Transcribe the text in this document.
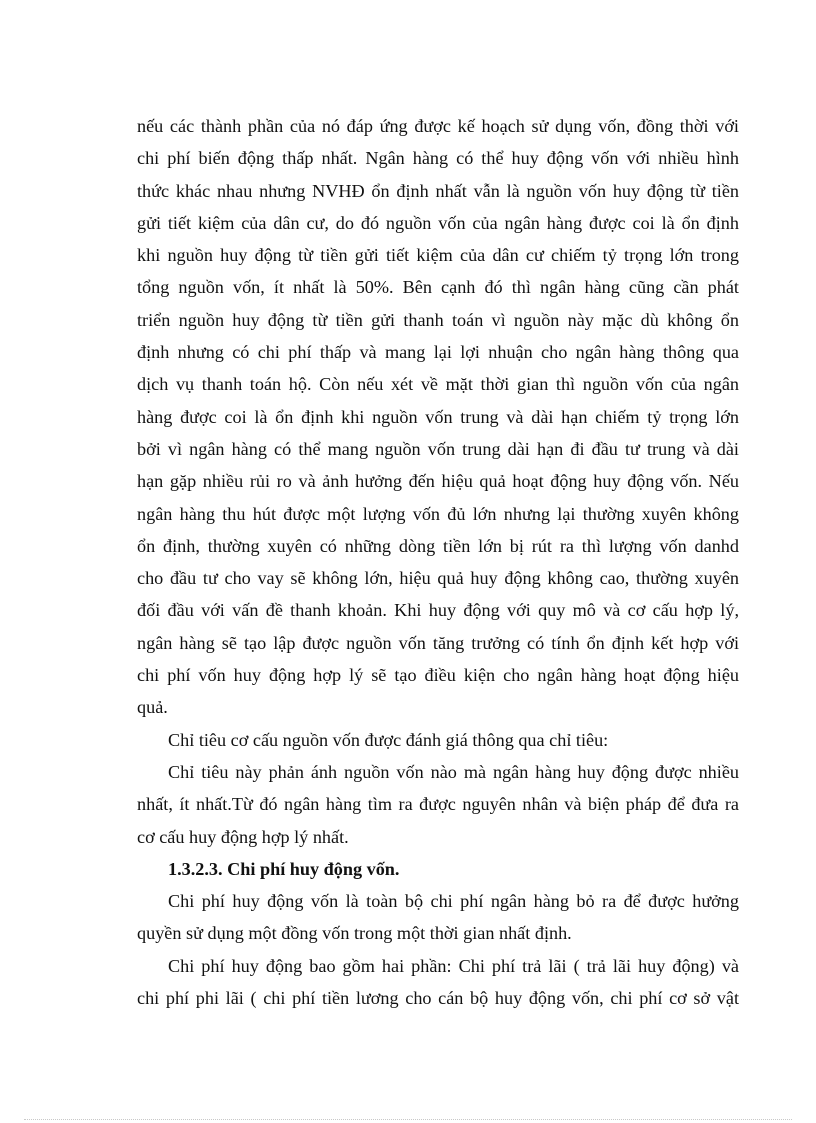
nếu các thành phần của nó đáp ứng được kế hoạch sử dụng vốn, đồng thời với
chi phí biến động thấp nhất. Ngân hàng có thể huy động vốn với nhiều hình
thức khác nhau nhưng NVHĐ ổn định nhất vẫn là nguồn vốn huy động từ tiền
gửi tiết kiệm của dân cư, do đó nguồn vốn của ngân hàng được coi là ổn định
khi nguồn huy động từ tiền gửi tiết kiệm của dân cư chiếm tỷ trọng lớn trong
tổng nguồn vốn, ít nhất là 50%. Bên cạnh đó thì ngân hàng cũng cần phát
triển nguồn huy động từ tiền gửi thanh toán vì nguồn này mặc dù không ổn
định nhưng có chi phí thấp và mang lại lợi nhuận cho ngân hàng thông qua
dịch vụ thanh toán hộ. Còn nếu xét về mặt thời gian thì nguồn vốn của ngân
hàng được coi là ổn định khi nguồn vốn trung và dài hạn chiếm tỷ trọng lớn
bởi vì ngân hàng có thể mang nguồn vốn trung dài hạn đi đầu tư trung và dài
hạn gặp nhiều rủi ro và ảnh hưởng đến hiệu quả hoạt động huy động vốn. Nếu
ngân hàng thu hút được một lượng vốn đủ lớn nhưng lại thường xuyên không
ổn định, thường xuyên có những dòng tiền lớn bị rút ra thì lượng vốn danhd
cho đầu tư cho vay sẽ không lớn, hiệu quả huy động không cao, thường xuyên
đối đầu với vấn đề thanh khoản. Khi huy động với quy mô và cơ cấu hợp lý,
ngân hàng sẽ tạo lập được nguồn vốn tăng trưởng có tính ổn định kết hợp với
chi phí vốn huy động hợp lý sẽ tạo điều kiện cho ngân hàng hoạt động hiệu
quả.
Chỉ tiêu cơ cấu nguồn vốn được đánh giá thông qua chỉ tiêu:
Chỉ tiêu này phản ánh nguồn vốn nào mà ngân hàng huy động được nhiều
nhất, ít nhất.Từ đó ngân hàng tìm ra được nguyên nhân và biện pháp để đưa ra
cơ cấu huy động hợp lý nhất.
1.3.2.3. Chi phí huy động vốn.
Chi phí huy động vốn là toàn bộ chi phí ngân hàng bỏ ra để được hưởng
quyền sử dụng một đồng vốn trong một thời gian nhất định.
Chi phí huy động bao gồm hai phần: Chi phí trả lãi ( trả lãi huy động) và
chi phí phi lãi ( chi phí tiền lương cho cán bộ huy động vốn, chi phí cơ sở vật
